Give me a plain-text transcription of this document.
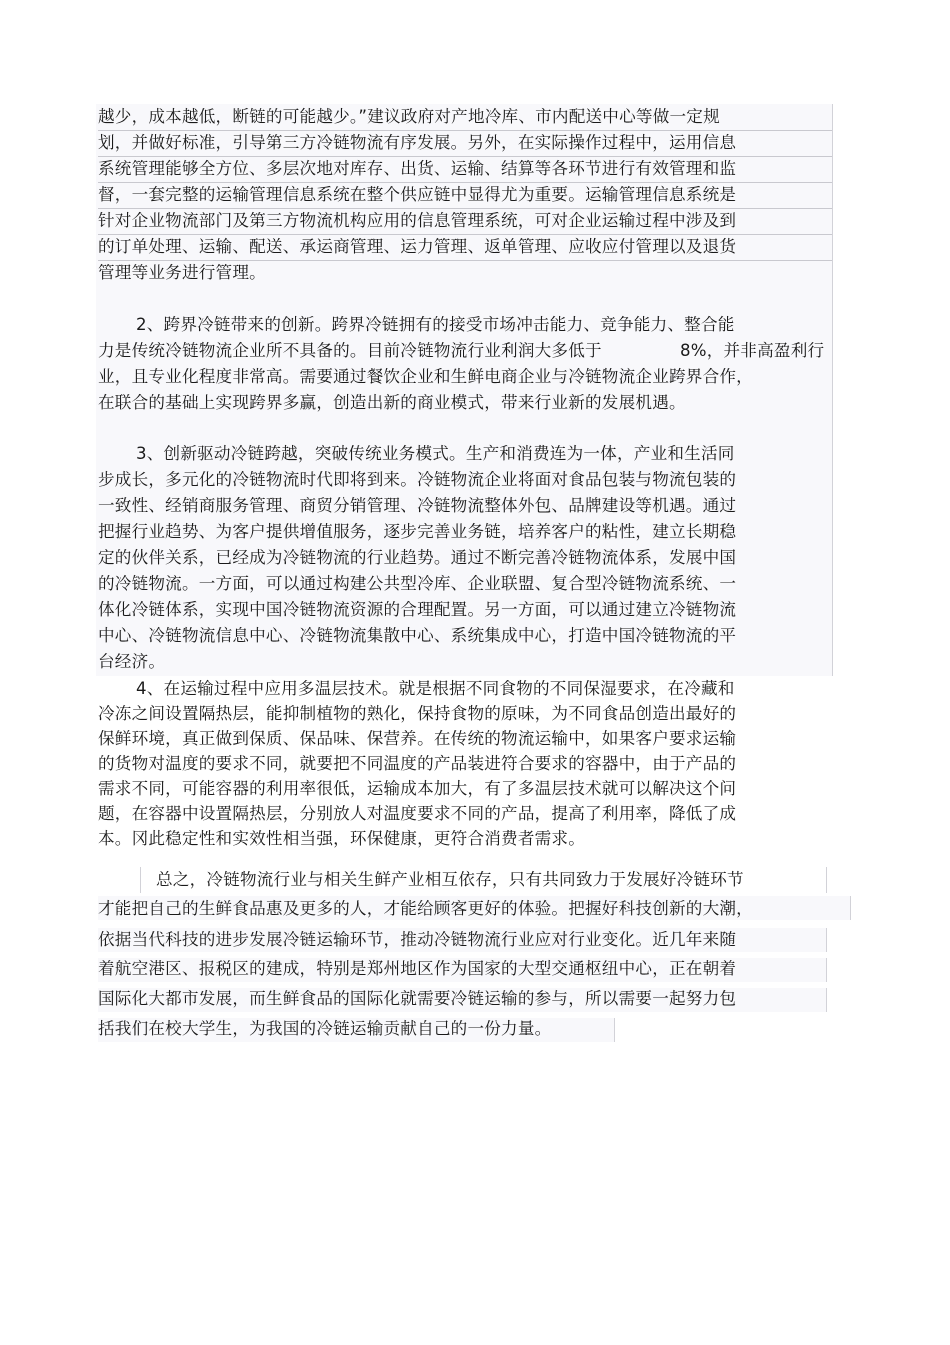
越少，成本越低，断链的可能越少。”建议政府对产地冷库、市内配送中心等做一定规
划，并做好标准，引导第三方冷链物流有序发展。另外，在实际操作过程中，运用信息
系统管理能够全方位、多层次地对库存、出货、运输、结算等各环节进行有效管理和监
督，一套完整的运输管理信息系统在整个供应链中显得尤为重要。运输管理信息系统是
针对企业物流部门及第三方物流机构应用的信息管理系统，可对企业运输过程中涉及到
的订单处理、运输、配送、承运商管理、运力管理、返单管理、应收应付管理以及退货
管理等业务进行管理。
2、跨界冷链带来的创新。跨界冷链拥有的接受市场冲击能力、竞争能力、整合能
力是传统冷链物流企业所不具备的。目前冷链物流行业利润大多低于	8%，并非高盈利行
业，且专业化程度非常高。需要通过餐饮企业和生鲜电商企业与冷链物流企业跨界合作，
在联合的基础上实现跨界多赢，创造出新的商业模式，带来行业新的发展机遇。
3、创新驱动冷链跨越，突破传统业务模式。生产和消费连为一体，产业和生活同
步成长，多元化的冷链物流时代即将到来。冷链物流企业将面对食品包装与物流包装的
一致性、经销商服务管理、商贸分销管理、冷链物流整体外包、品牌建设等机遇。通过
把握行业趋势、为客户提供增值服务，逐步完善业务链，培养客户的粘性，建立长期稳
定的伙伴关系，已经成为冷链物流的行业趋势。通过不断完善冷链物流体系，发展中国
的冷链物流。一方面，可以通过构建公共型冷库、企业联盟、复合型冷链物流系统、一
体化冷链体系，实现中国冷链物流资源的合理配置。另一方面，可以通过建立冷链物流
中心、冷链物流信息中心、冷链物流集散中心、系统集成中心，打造中国冷链物流的平
台经济。
4、在运输过程中应用多温层技术。就是根据不同食物的不同保湿要求，在冷藏和
冷冻之间设置隔热层，能抑制植物的熟化，保持食物的原味，为不同食品创造出最好的
保鲜环境，真正做到保质、保品味、保营养。在传统的物流运输中，如果客户要求运输
的货物对温度的要求不同，就要把不同温度的产品装进符合要求的容器中，由于产品的
需求不同，可能容器的利用率很低，运输成本加大，有了多温层技术就可以解决这个问
题，在容器中设置隔热层，分别放人对温度要求不同的产品，提高了利用率，降低了成
本。冈此稳定性和实效性相当强，环保健康，更符合消费者需求。
总之，冷链物流行业与相关生鲜产业相互依存，只有共同致力于发展好冷链环节
才能把自己的生鲜食品惠及更多的人，才能给顾客更好的体验。把握好科技创新的大潮，
依据当代科技的进步发展冷链运输环节，推动冷链物流行业应对行业变化。近几年来随
着航空港区、报税区的建成，特别是郑州地区作为国家的大型交通枢纽中心，正在朝着
国际化大都市发展，而生鲜食品的国际化就需要冷链运输的参与，所以需要一起努力包
括我们在校大学生，为我国的冷链运输贡献自己的一份力量。
